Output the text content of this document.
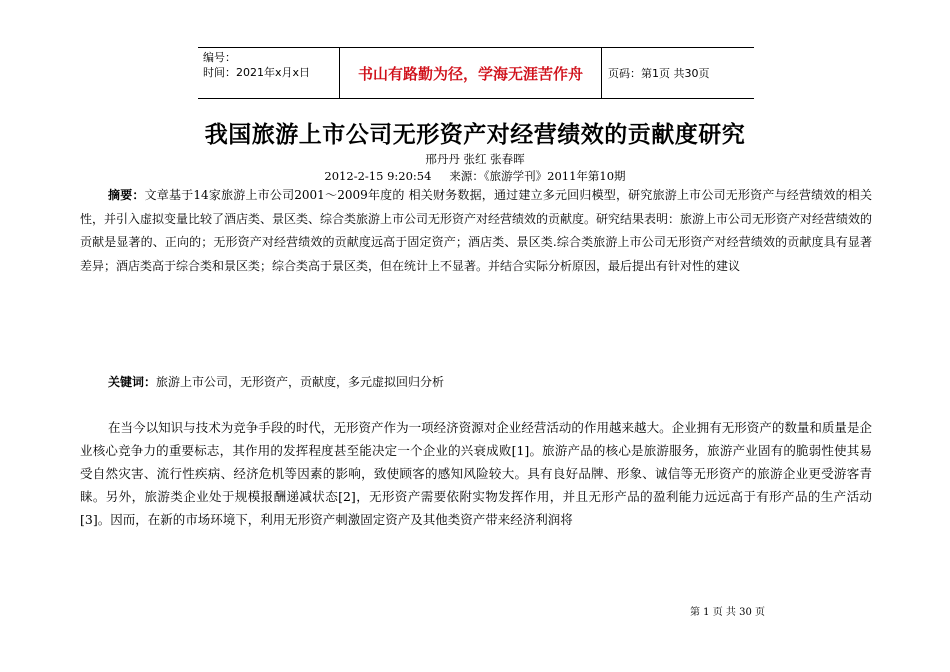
编号：
时间：2021年x月x日	书山有路勤为径，学海无涯苦作舟	页码：第1页 共30页
我国旅游上市公司无形资产对经营绩效的贡献度研究
邢丹丹 张红 张春晖
2012-2-15 9:20:54 来源：《旅游学刊》2011年第10期
摘要：文章基于14家旅游上市公司2001～2009年度的 相关财务数据，通过建立多元回归模型，研究旅游上市公司无形资产与经营绩效的相关性，并引入虚拟变量比较了酒店类、景区类、综合类旅游上市公司无形资产对经营绩效的贡献度。研究结果表明：旅游上市公司无形资产对经营绩效的贡献是显著的、正向的；无形资产对经营绩效的贡献度远高于固定资产；酒店类、景区类.综合类旅游上市公司无形资产对经营绩效的贡献度具有显著差异；酒店类高于综合类和景区类；综合类高于景区类，但在统计上不显著。并结合实际分析原因，最后提出有针对性的建议
关键词：旅游上市公司，无形资产，贡献度，多元虚拟回归分析
在当今以知识与技术为竞争手段的时代，无形资产作为一项经济资源对企业经营活动的作用越来越大。企业拥有无形资产的数量和质量是企业核心竞争力的重要标志，其作用的发挥程度甚至能决定一个企业的兴衰成败[1]。旅游产品的核心是旅游服务，旅游产业固有的脆弱性使其易受自然灾害、流行性疾病、经济危机等因素的影响，致使顾客的感知风险较大。具有良好品牌、形象、诚信等无形资产的旅游企业更受游客青睐。另外，旅游类企业处于规模报酬递减状态[2]，无形资产需要依附实物发挥作用，并且无形产品的盈利能力远远高于有形产品的生产活动[3]。因而，在新的市场环境下，利用无形资产刺激固定资产及其他类资产带来经济利润将
第 1 页 共 30 页
